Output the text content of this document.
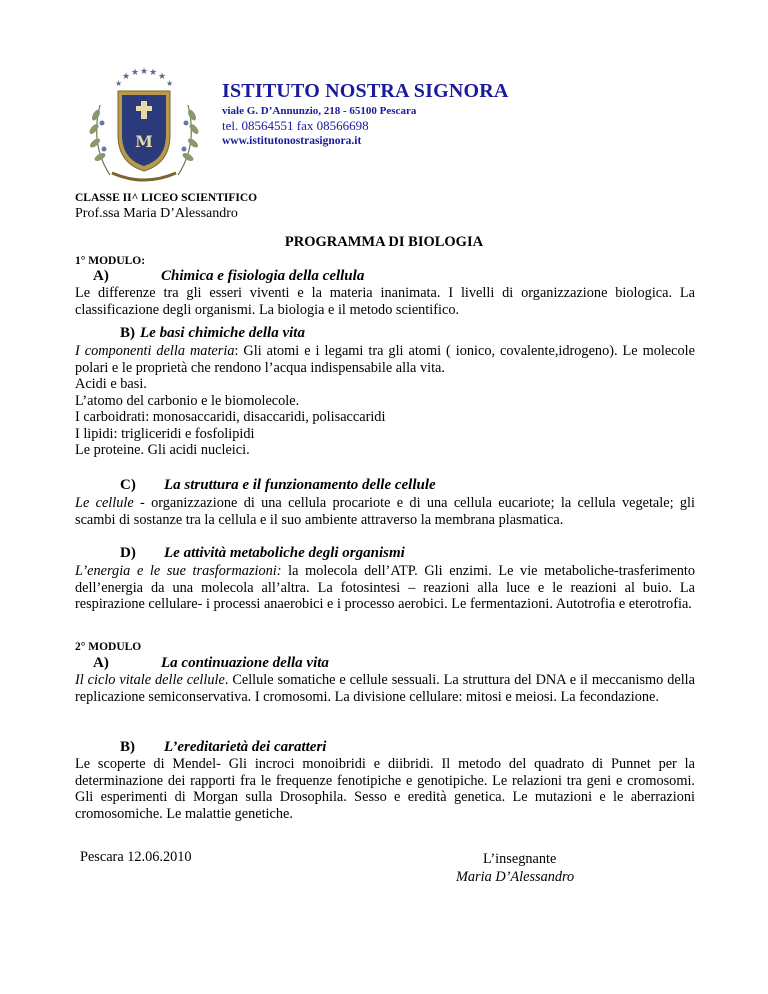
★ ★ ★ ★ ★
★	★
M
ISTITUTO NOSTRA SIGNORA
viale G. D’Annunzio, 218 - 65100 Pescara
tel. 08564551 fax 08566698
www.istitutonostrasignora.it
CLASSE II^ LICEO SCIENTIFICO
Prof.ssa Maria D’Alessandro
PROGRAMMA DI BIOLOGIA
1° MODULO:
A)	Chimica e fisiologia della cellula
Le differenze tra gli esseri viventi e la materia inanimata. I livelli di organizzazione biologica. La classificazione degli organismi. La biologia e il metodo scientifico.
B) Le basi chimiche della vita
I componenti della materia: Gli atomi e i legami tra gli atomi ( ionico, covalente,idrogeno). Le molecole polari e le proprietà che rendono l’acqua indispensabile alla vita.
Acidi e basi.
L’atomo del carbonio e le biomolecole.
I carboidrati: monosaccaridi, disaccaridi, polisaccaridi
I lipidi: trigliceridi e fosfolipidi
Le proteine. Gli acidi nucleici.
C) La struttura e il funzionamento delle cellule
Le cellule - organizzazione di una cellula procariote e di una cellula eucariote; la cellula vegetale; gli scambi di sostanze tra la cellula e il suo ambiente attraverso la membrana plasmatica.
D) Le attività metaboliche degli organismi
L’energia e le sue trasformazioni: la molecola dell’ATP. Gli enzimi. Le vie metaboliche-trasferimento dell’energia da una molecola all’altra. La fotosintesi – reazioni alla luce e le reazioni al buio. La respirazione cellulare- i processi anaerobici e i processo aerobici. Le fermentazioni. Autotrofia e eterotrofia.
2° MODULO
A)	La continuazione della vita
Il ciclo vitale delle cellule. Cellule somatiche e cellule sessuali. La struttura del DNA e il meccanismo della replicazione semiconservativa. I cromosomi. La divisione cellulare: mitosi e meiosi. La fecondazione.
B) L’ereditarietà dei caratteri
Le scoperte di Mendel- Gli incroci monoibridi e diibridi. Il metodo del quadrato di Punnet per la determinazione dei rapporti fra le frequenze fenotipiche e genotipiche. Le relazioni tra geni e cromosomi. Gli esperimenti di Morgan sulla Drosophila. Sesso e eredità genetica. Le mutazioni e le aberrazioni cromosomiche. Le malattie genetiche.
Pescara 12.06.2010	L’insegnante
Maria D’Alessandro
